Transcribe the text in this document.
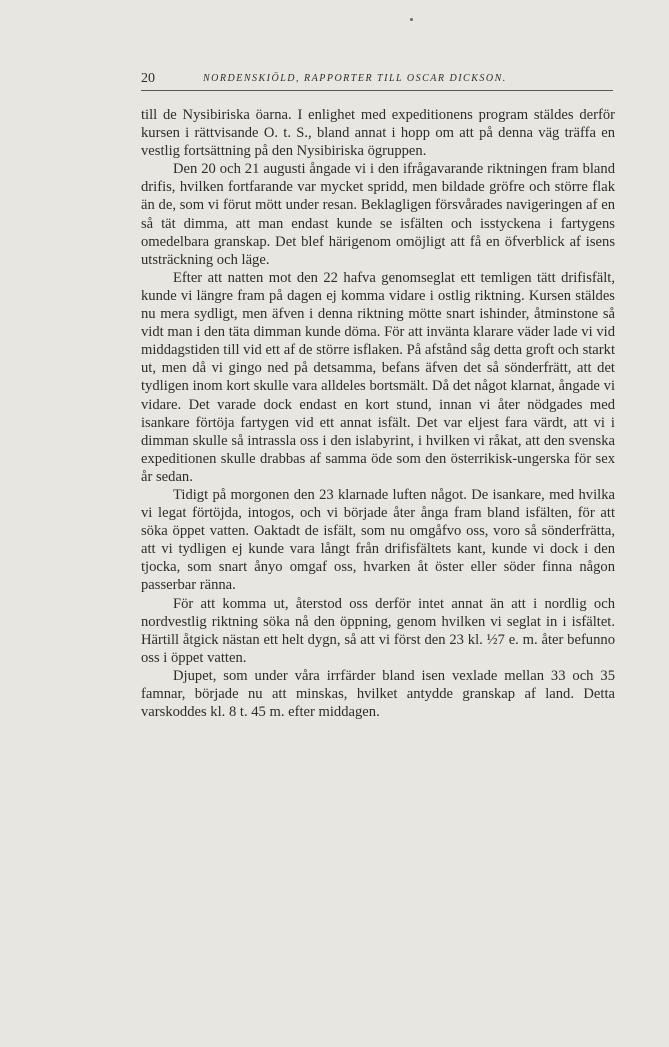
20	NORDENSKIÖLD, RAPPORTER TILL OSCAR DICKSON.

till de Nysibiriska öarna. I enlighet med expeditionens program stäldes derför kursen i rättvisande O. t. S., bland annat i hopp om att på denna väg träffa en vestlig fortsättning på den Nysibiriska ögruppen.

Den 20 och 21 augusti ångade vi i den ifrågavarande riktningen fram bland drifis, hvilken fortfarande var mycket spridd, men bildade gröfre och större flak än de, som vi förut mött under resan. Beklagligen försvårades navigeringen af en så tät dimma, att man endast kunde se isfälten och isstyckena i fartygens omedelbara granskap. Det blef härigenom omöjligt att få en öfverblick af isens utsträckning och läge.

Efter att natten mot den 22 hafva genomseglat ett temligen tätt drifisfält, kunde vi längre fram på dagen ej komma vidare i ostlig riktning. Kursen stäldes nu mera sydligt, men äfven i denna riktning mötte snart ishinder, åtminstone så vidt man i den täta dimman kunde döma. För att invänta klarare väder lade vi vid middagstiden till vid ett af de större isflaken. På afstånd såg detta groft och starkt ut, men då vi gingo ned på detsamma, befans äfven det så sönderfrätt, att det tydligen inom kort skulle vara alldeles bortsmält. Då det något klarnat, ångade vi vidare. Det varade dock endast en kort stund, innan vi åter nödgades med isankare förtöja fartygen vid ett annat isfält. Det var eljest fara värdt, att vi i dimman skulle så intrassla oss i den islabyrint, i hvilken vi råkat, att den svenska expeditionen skulle drabbas af samma öde som den österrikisk-ungerska för sex år sedan.

Tidigt på morgonen den 23 klarnade luften något. De isankare, med hvilka vi legat förtöjda, intogos, och vi började åter ånga fram bland isfälten, för att söka öppet vatten. Oaktadt de isfält, som nu omgåfvo oss, voro så sönderfrätta, att vi tydligen ej kunde vara långt från drifisfältets kant, kunde vi dock i den tjocka, som snart ånyo omgaf oss, hvarken åt öster eller söder finna någon passerbar ränna.

För att komma ut, återstod oss derför intet annat än att i nordlig och nordvestlig riktning söka nå den öppning, genom hvilken vi seglat in i isfältet. Härtill åtgick nästan ett helt dygn, så att vi först den 23 kl. ½7 e. m. åter befunno oss i öppet vatten.

Djupet, som under våra irrfärder bland isen vexlade mellan 33 och 35 famnar, började nu att minskas, hvilket antydde granskap af land. Detta varskoddes kl. 8 t. 45 m. efter middagen.
